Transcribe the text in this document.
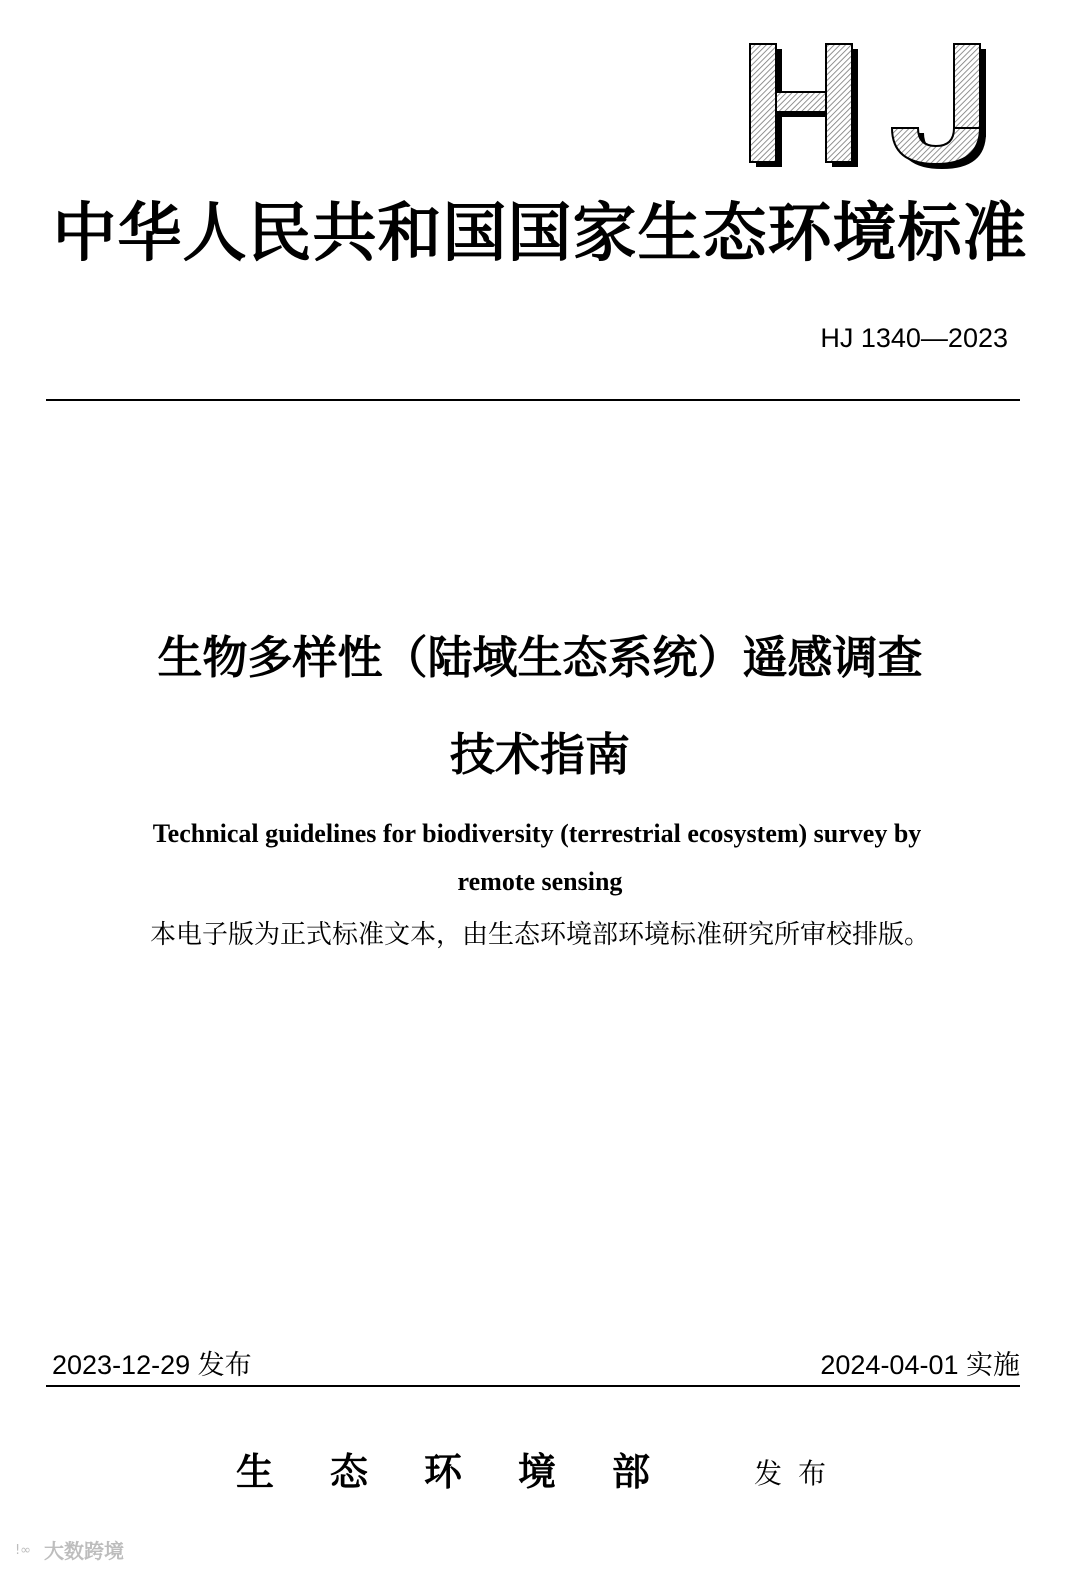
HJ
中华人民共和国国家生态环境标准
HJ 1340—2023
生物多样性（陆域生态系统）遥感调查
技术指南
Technical guidelines for biodiversity (terrestrial ecosystem) survey by
remote sensing
本电子版为正式标准文本，由生态环境部环境标准研究所审校排版。
2023-12-29 发布	2024-04-01 实施
生态环境部 发布
!∞ 大数跨境
